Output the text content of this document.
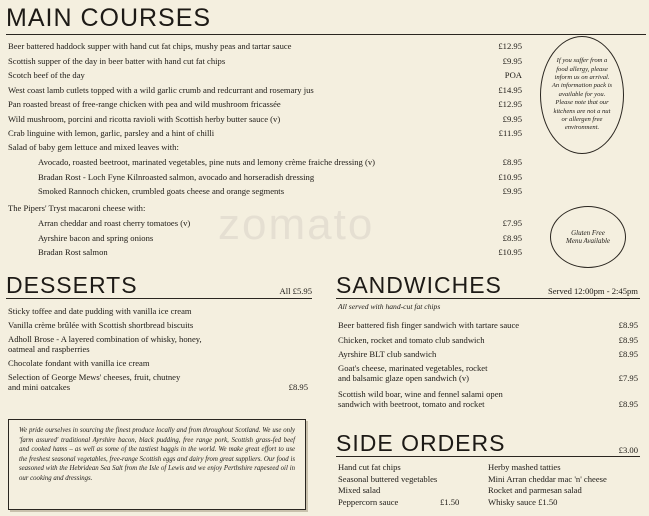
zomato
MAIN COURSES
Beer battered haddock supper with hand cut fat chips, mushy peas and tartar sauce	£12.95
Scottish supper of the day in beer batter with hand cut fat chips	£9.95
Scotch beef of the day	POA
West coast lamb cutlets topped with a wild garlic crumb and redcurrant and rosemary jus	£14.95
Pan roasted breast of free-range chicken with pea and wild mushroom fricassée	£12.95
Wild mushroom, porcini and ricotta ravioli with Scottish herby butter sauce (v)	£9.95
Crab linguine with lemon, garlic, parsley and a hint of chilli	£11.95
Salad of baby gem lettuce and mixed leaves with:
Avocado, roasted beetroot, marinated vegetables, pine nuts and lemony crème fraiche dressing (v)	£8.95
Bradan Rost - Loch Fyne Kilnroasted salmon, avocado and horseradish dressing	£10.95
Smoked Rannoch chicken, crumbled goats cheese and orange segments	£9.95
The Pipers' Tryst macaroni cheese with:
Arran cheddar and roast cherry tomatoes (v)	£7.95
Ayrshire bacon and spring onions	£8.95
Bradan Rost salmon	£10.95
If you suffer from a food allergy, please inform us on arrival. An information pack is available for you. Please note that our kitchens are not a nut or allergen free environment.
Gluten Free Menu Available
DESSERTS	All £5.95
Sticky toffee and date pudding with vanilla ice cream
Vanilla crème brûlée with Scottish shortbread biscuits
Adholl Brose - A layered combination of whisky, honey,
oatmeal and raspberries
Chocolate fondant with vanilla ice cream
Selection of George Mews' cheeses, fruit, chutney
and mini oatcakes	£8.95
We pride ourselves in sourcing the finest produce locally and from throughout Scotland. We use only 'farm assured' traditional Ayrshire bacon, black pudding, free range pork, Scottish grass-fed beef and cooked hams – as well as some of the tastiest haggis in the world. We make great effort to use the freshest seasonal vegetables, free-range Scottish eggs and dairy from great suppliers. Our food is seasoned with the Hebridean Sea Salt from the Isle of Lewis and we enjoy Perthshire rapeseed oil in our cooking and dressings.
SANDWICHES	Served 12:00pm - 2:45pm
All served with hand-cut fat chips
Beer battered fish finger sandwich with tartare sauce	£8.95
Chicken, rocket and tomato club sandwich	£8.95
Ayrshire BLT club sandwich	£8.95
Goat's cheese, marinated vegetables, rocket
and balsamic glaze open sandwich (v)	£7.95
Scottish wild boar, wine and fennel salami open
sandwich with beetroot, tomato and rocket	£8.95
SIDE ORDERS	£3.00
Hand cut fat chips
Seasonal buttered vegetables
Mixed salad
Peppercorn sauce	£1.50
Herby mashed tatties
Mini Arran cheddar mac 'n' cheese
Rocket and parmesan salad
Whisky sauce £1.50
